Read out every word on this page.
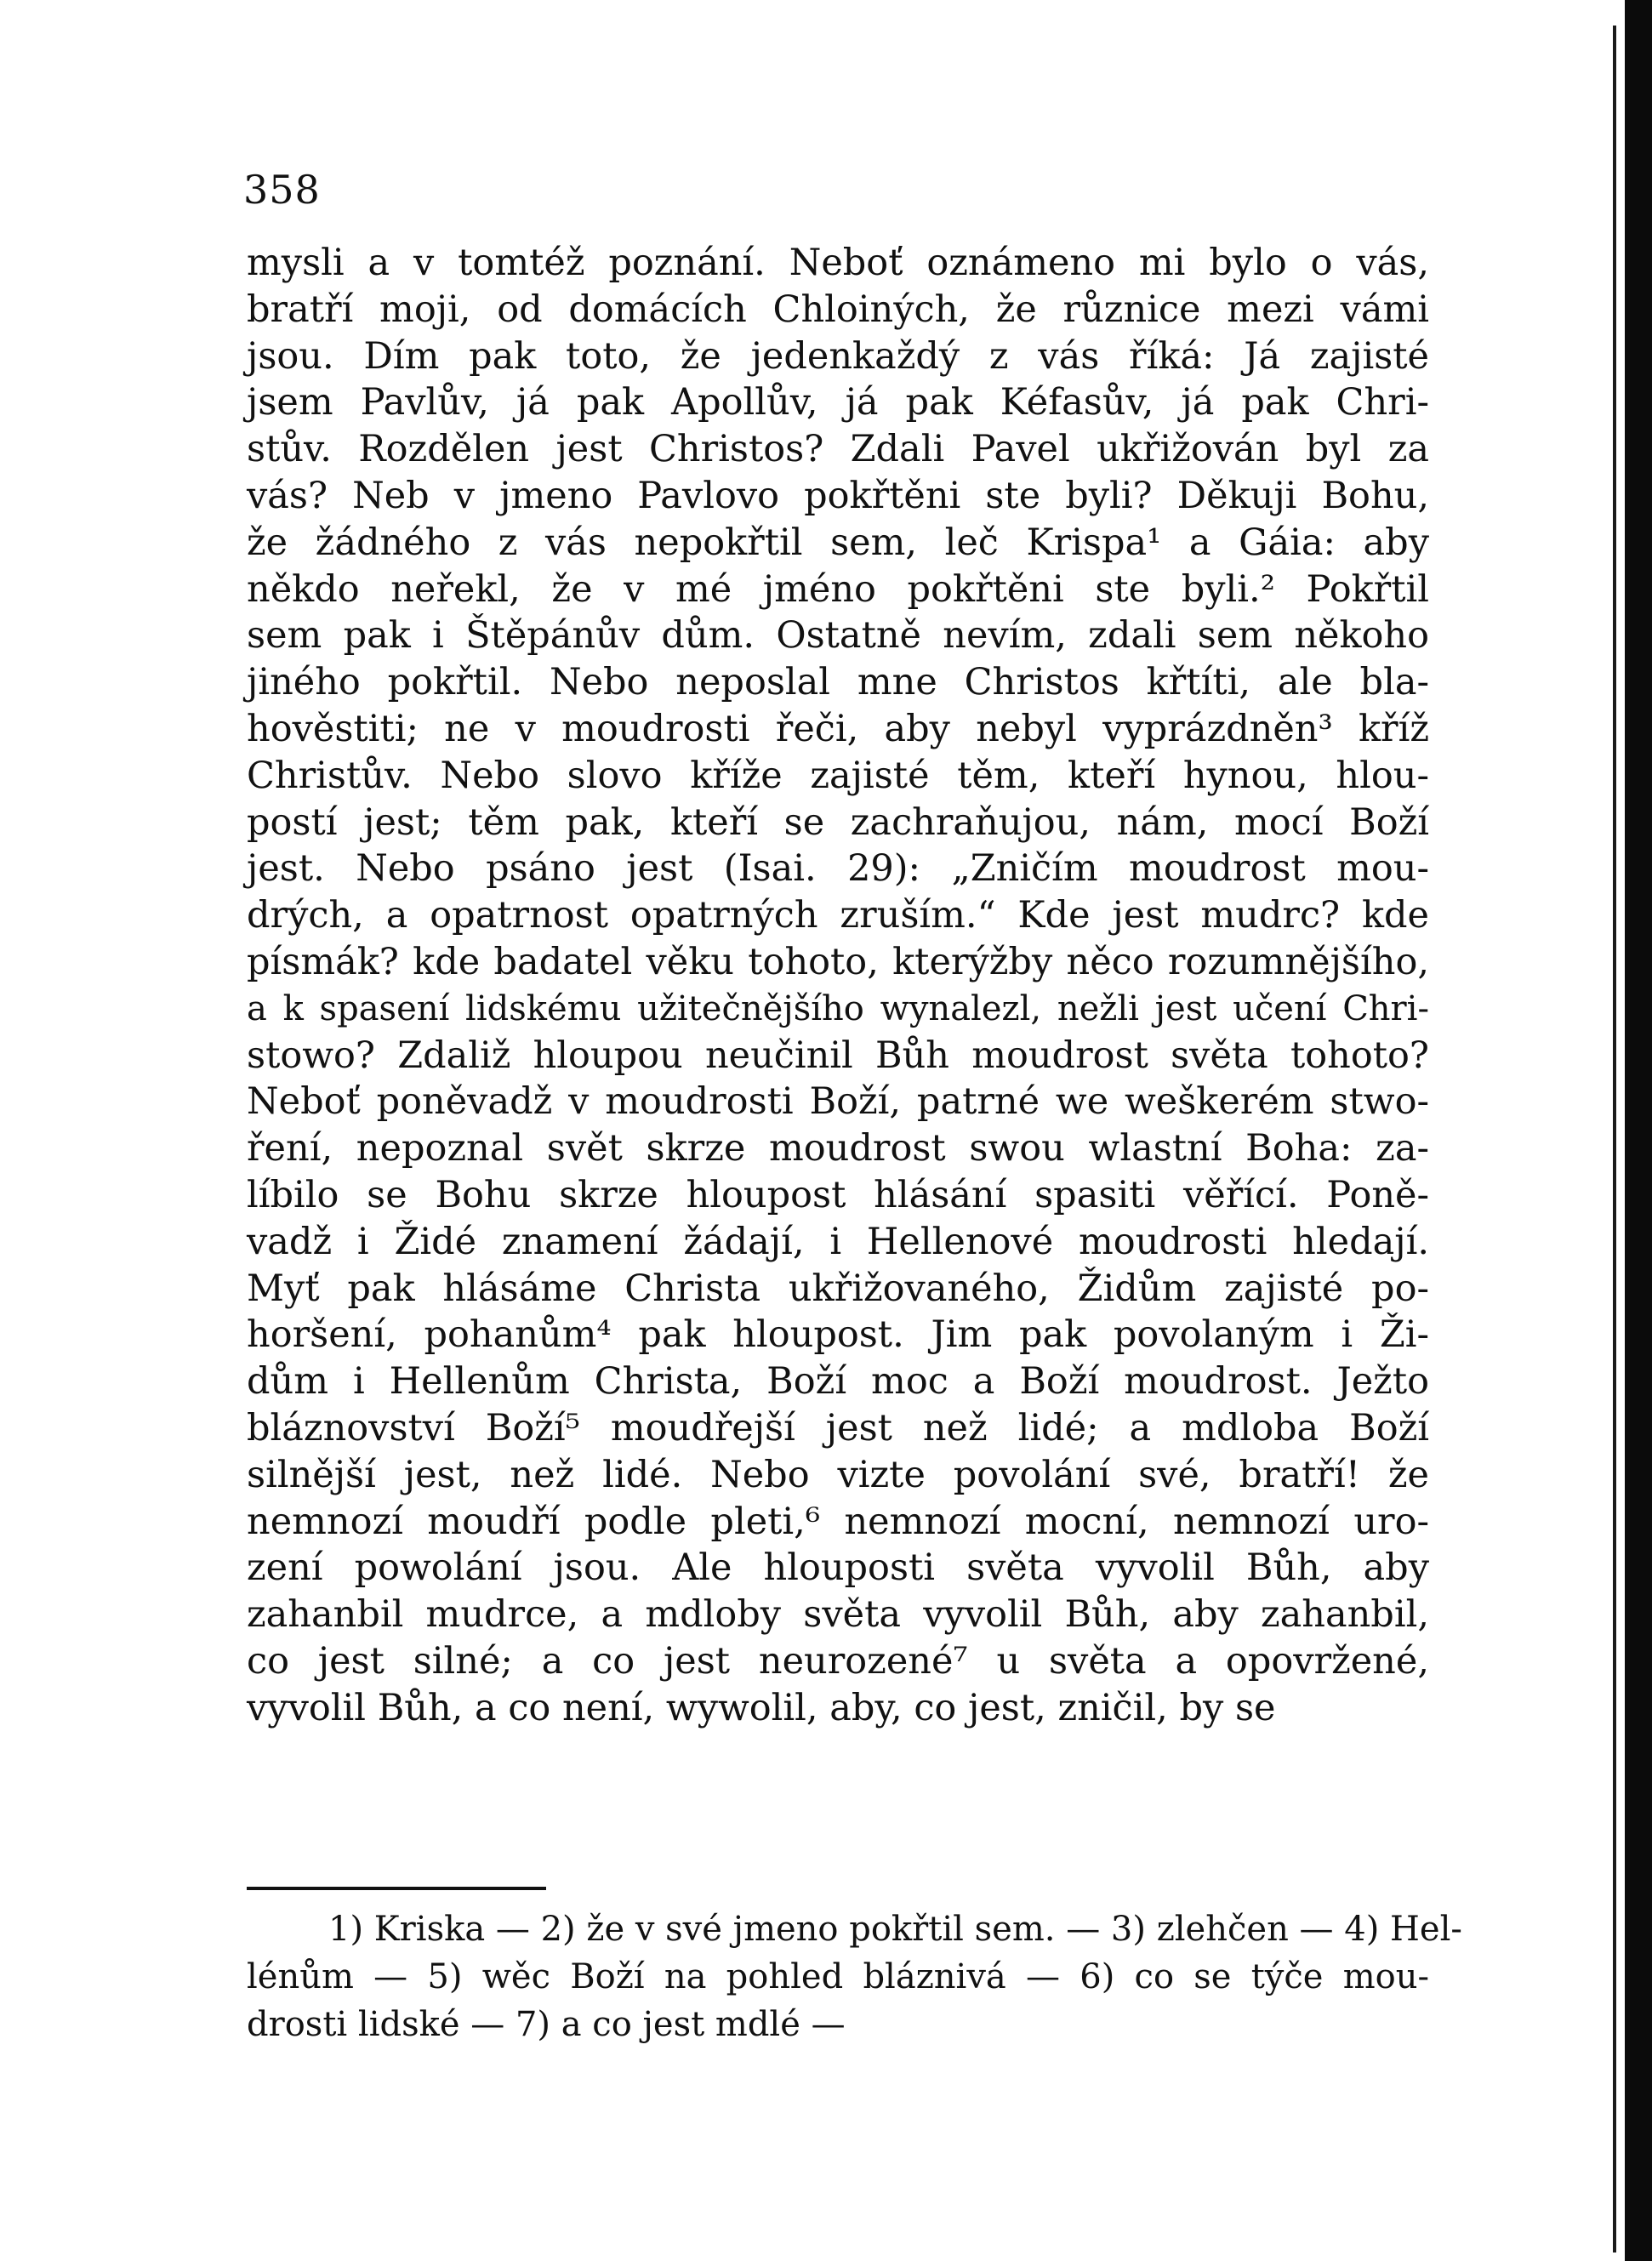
358
mysli a v tomtéž poznání. Neboť oznámeno mi bylo o vás,
bratří moji, od domácích Chloiných, že různice mezi vámi
jsou. Dím pak toto, že jedenkaždý z vás říká: Já zajisté
jsem Pavlův, já pak Apollův, já pak Kéfasův, já pak Chri-
stův. Rozdělen jest Christos? Zdali Pavel ukřižován byl za
vás? Neb v jmeno Pavlovo pokřtěni ste byli? Děkuji Bohu,
že žádného z vás nepokřtil sem, leč Krispa¹ a Gáia: aby
někdo neřekl, že v mé jméno pokřtěni ste byli.² Pokřtil
sem pak i Štěpánův dům. Ostatně nevím, zdali sem někoho
jiného pokřtil. Nebo neposlal mne Christos křtíti, ale bla-
hověstiti; ne v moudrosti řeči, aby nebyl vyprázdněn³ kříž
Christův. Nebo slovo kříže zajisté těm, kteří hynou, hlou-
postí jest; těm pak, kteří se zachraňujou, nám, mocí Boží
jest. Nebo psáno jest (Isai. 29): „Zničím moudrost mou-
drých, a opatrnost opatrných zruším.“ Kde jest mudrc? kde
písmák? kde badatel věku tohoto, kterýžby něco rozumnějšího,
a k spasení lidskému užitečnějšího wynalezl, nežli jest učení Chri-
stowo? Zdaliž hloupou neučinil Bůh moudrost světa tohoto?
Neboť poněvadž v moudrosti Boží, patrné we weškerém stwo-
ření, nepoznal svět skrze moudrost swou wlastní Boha: za-
líbilo se Bohu skrze hloupost hlásání spasiti věřící. Poně-
vadž i Židé znamení žádají, i Hellenové moudrosti hledají.
Myť pak hlásáme Christa ukřižovaného, Židům zajisté po-
horšení, pohanům⁴ pak hloupost. Jim pak povolaným i Ži-
dům i Hellenům Christa, Boží moc a Boží moudrost. Ježto
bláznovství Boží⁵ moudřejší jest než lidé; a mdloba Boží
silnější jest, než lidé. Nebo vizte povolání své, bratří! že
nemnozí moudří podle pleti,⁶ nemnozí mocní, nemnozí uro-
zení powolání jsou. Ale hlouposti světa vyvolil Bůh, aby
zahanbil mudrce, a mdloby světa vyvolil Bůh, aby zahanbil,
co jest silné; a co jest neurozené⁷ u světa a opovržené,
vyvolil Bůh, a co není, wywolil, aby, co jest, zničil, by se
1) Kriska — 2) že v své jmeno pokřtil sem. — 3) zlehčen — 4) Hel-
lénům — 5) wěc Boží na pohled bláznivá — 6) co se týče mou-
drosti lidské — 7) a co jest mdlé —
